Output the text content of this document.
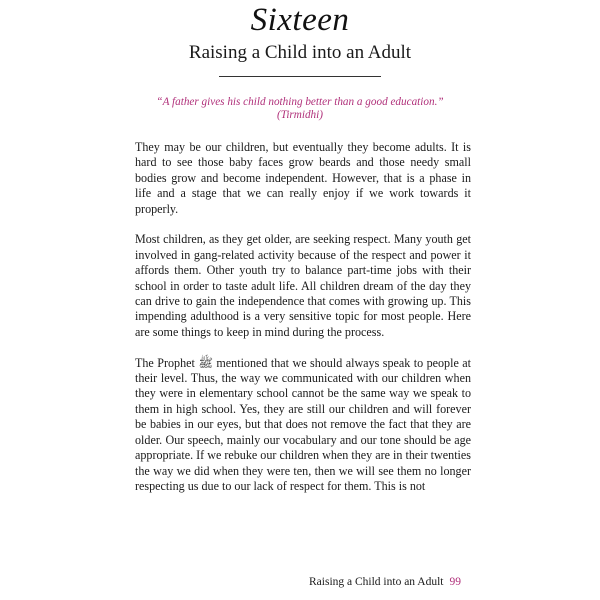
Sixteen
Raising a Child into an Adult
“A father gives his child nothing better than a good education.”
(Tirmidhi)

They may be our children, but eventually they become adults. It is hard to see those baby faces grow beards and those needy small bodies grow and become independent. However, that is a phase in life and a stage that we can really enjoy if we work towards it properly.

Most children, as they get older, are seeking respect. Many youth get involved in gang-related activity because of the respect and power it affords them. Other youth try to balance part-time jobs with their school in order to taste adult life. All children dream of the day they can drive to gain the independence that comes with growing up. This impending adulthood is a very sensitive topic for most people. Here are some things to keep in mind during the process.

The Prophet ﷺ mentioned that we should always speak to people at their level. Thus, the way we communicated with our children when they were in elementary school cannot be the same way we speak to them in high school. Yes, they are still our children and will forever be babies in our eyes, but that does not remove the fact that they are older. Our speech, mainly our vocabulary and our tone should be age appropriate. If we rebuke our children when they are in their twenties the way we did when they were ten, then we will see them no longer respecting us due to our lack of respect for them. This is not

Raising a Child into an Adult 99
